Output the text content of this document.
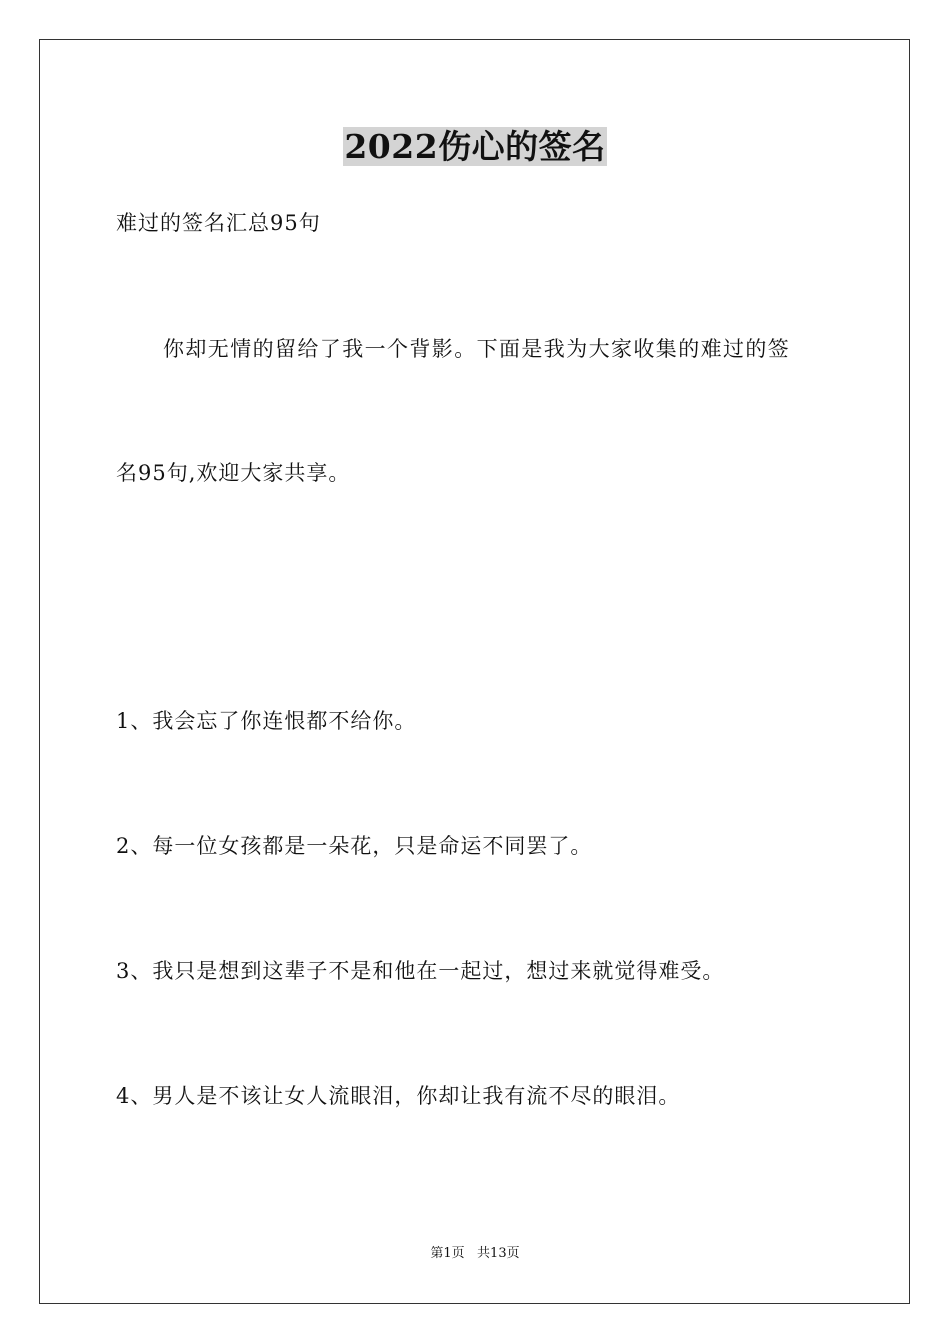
2022伤心的签名
难过的签名汇总95句
你却无情的留给了我一个背影。下面是我为大家收集的难过的签
名95句,欢迎大家共享。
1、我会忘了你连恨都不给你。
2、每一位女孩都是一朵花，只是命运不同罢了。
3、我只是想到这辈子不是和他在一起过，想过来就觉得难受。
4、男人是不该让女人流眼泪，你却让我有流不尽的眼泪。
第1页   共13页
